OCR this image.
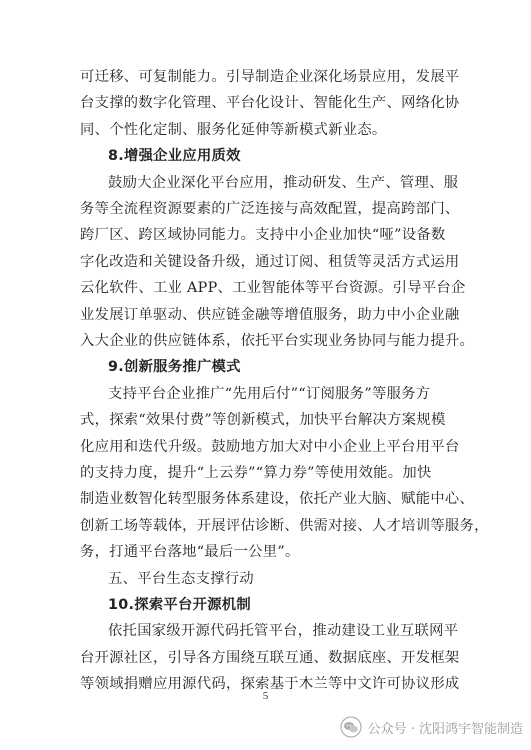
可迁移、可复制能力。引导制造企业深化场景应用，发展平
台支撑的数字化管理、平台化设计、智能化生产、网络化协
同、个性化定制、服务化延伸等新模式新业态。
8.增强企业应用质效
鼓励大企业深化平台应用，推动研发、生产、管理、服
务等全流程资源要素的广泛连接与高效配置，提高跨部门、
跨厂区、跨区域协同能力。支持中小企业加快“哑”设备数
字化改造和关键设备升级，通过订阅、租赁等灵活方式运用
云化软件、工业 APP、工业智能体等平台资源。引导平台企
业发展订单驱动、供应链金融等增值服务，助力中小企业融
入大企业的供应链体系，依托平台实现业务协同与能力提升。
9.创新服务推广模式
支持平台企业推广“先用后付”“订阅服务”等服务方
式，探索“效果付费”等创新模式，加快平台解决方案规模
化应用和迭代升级。鼓励地方加大对中小企业上平台用平台
的支持力度，提升“上云券”“算力券”等使用效能。加快
制造业数智化转型服务体系建设，依托产业大脑、赋能中心、
创新工场等载体，开展评估诊断、供需对接、人才培训等服务，
务，打通平台落地“最后一公里”。
五、平台生态支撑行动
10.探索平台开源机制
依托国家级开源代码托管平台，推动建设工业互联网平
台开源社区，引导各方围绕互联互通、数据底座、开发框架
等领域捐赠应用源代码，探索基于木兰等中文许可协议形成
5
公众号 · 沈阳鸿宇智能制造
